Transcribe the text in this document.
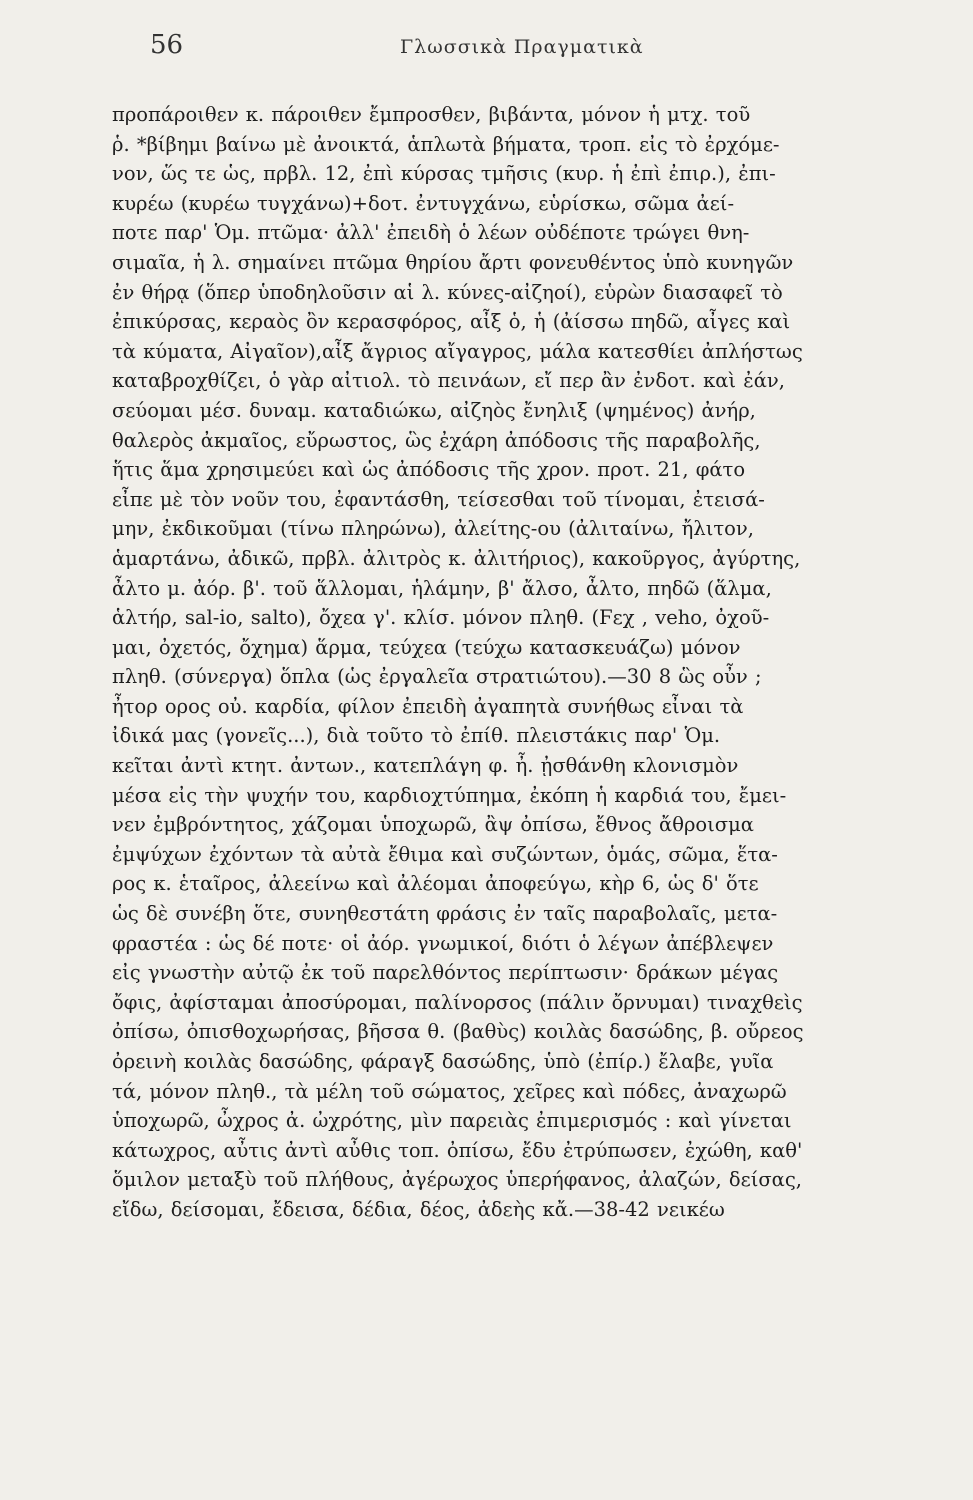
56	Γλωσσικὰ Πραγματικὰ
προπάροιθεν κ. πάροιθεν ἔμπροσθεν, βιβάντα, μόνον ἡ μτχ. τοῦ
ῥ. *βίβημι βαίνω μὲ ἀνοικτά, ἁπλωτὰ βήματα, τροπ. εἰς τὸ ἐρχόμε-
νον, ὥς τε ὡς, πρβλ. 12, ἐπὶ κύρσας τμῆσις (κυρ. ἡ ἐπὶ ἐπιρ.), ἐπι-
κυρέω (κυρέω τυγχάνω)+δοτ. ἐντυγχάνω, εὑρίσκω, σῶμα ἀεί-
ποτε παρ' Ὁμ. πτῶμα· ἀλλ' ἐπειδὴ ὁ λέων οὐδέποτε τρώγει θνη-
σιμαῖα, ἡ λ. σημαίνει πτῶμα θηρίου ἄρτι φονευθέντος ὑπὸ κυνηγῶν
ἐν θήρᾳ (ὅπερ ὑποδηλοῦσιν αἱ λ. κύνες-αἰζηοί), εὑρὼν διασαφεῖ τὸ
ἐπικύρσας, κεραὸς ὂν κερασφόρος, αἶξ ὁ, ἡ (ἀίσσω πηδῶ, αἶγες καὶ
τὰ κύματα, Αἰγαῖον),αἶξ ἄγριος αἴγαγρος, μάλα κατεσθίει ἀπλήστως
καταβροχθίζει, ὁ γὰρ αἰτιολ. τὸ πεινάων, εἴ περ ἂν ἐνδοτ. καὶ ἐάν,
σεύομαι μέσ. δυναμ. καταδιώκω, αἰζηὸς ἔνηλιξ (ψημένος) ἀνήρ,
θαλερὸς ἀκμαῖος, εὔρωστος, ὣς ἐχάρη ἀπόδοσις τῆς παραβολῆς,
ἥτις ἅμα χρησιμεύει καὶ ὡς ἀπόδοσις τῆς χρον. προτ. 21, φάτο
εἶπε μὲ τὸν νοῦν του, ἐφαντάσθη, τείσεσθαι τοῦ τίνομαι, ἐτεισά-
μην, ἐκδικοῦμαι (τίνω πληρώνω), ἀλείτης-ου (ἀλιταίνω, ἤλιτον,
ἁμαρτάνω, ἀδικῶ, πρβλ. ἀλιτρὸς κ. ἀλιτήριος), κακοῦργος, ἀγύρτης,
ἆλτο μ. ἀόρ. β'. τοῦ ἅλλομαι, ἡλάμην, β' ἄλσο, ἆλτο, πηδῶ (ἅλμα,
ἁλτήρ, sal-io, salto), ὄχεα γ'. κλίσ. μόνον πληθ. (Ϝεχ , veho, ὀχοῦ-
μαι, ὀχετός, ὄχημα) ἅρμα, τεύχεα (τεύχω κατασκευάζω) μόνον
πληθ. (σύνεργα) ὅπλα (ὡς ἐργαλεῖα στρατιώτου).—30 8 ὣς οὖν ;
ἦτορ ορος οὐ. καρδία, φίλον ἐπειδὴ ἀγαπητὰ συνήθως εἶναι τὰ
ἰδικά μας (γονεῖς...), διὰ τοῦτο τὸ ἐπίθ. πλειστάκις παρ' Ὁμ.
κεῖται ἀντὶ κτητ. ἀντων., κατεπλάγη φ. ἦ. ᾐσθάνθη κλονισμὸν
μέσα εἰς τὴν ψυχήν του, καρδιοχτύπημα, ἐκόπη ἡ καρδιά του, ἔμει-
νεν ἐμβρόντητος, χάζομαι ὑποχωρῶ, ἂψ ὀπίσω, ἔθνος ἄθροισμα
ἐμψύχων ἐχόντων τὰ αὐτὰ ἔθιμα καὶ συζώντων, ὁμάς, σῶμα, ἕτα-
ρος κ. ἑταῖρος, ἀλεείνω καὶ ἀλέομαι ἀποφεύγω, κὴρ 6, ὡς δ' ὅτε
ὡς δὲ συνέβη ὅτε, συνηθεστάτη φράσις ἐν ταῖς παραβολαῖς, μετα-
φραστέα : ὡς δέ ποτε· οἱ ἀόρ. γνωμικοί, διότι ὁ λέγων ἀπέβλεψεν
εἰς γνωστὴν αὐτῷ ἐκ τοῦ παρελθόντος περίπτωσιν· δράκων μέγας
ὄφις, ἀφίσταμαι ἀποσύρομαι, παλίνορσος (πάλιν ὄρνυμαι) τιναχθεὶς
ὀπίσω, ὀπισθοχωρήσας, βῆσσα θ. (βαθὺς) κοιλὰς δασώδης, β. οὔρεος
ὀρεινὴ κοιλὰς δασώδης, φάραγξ δασώδης, ὑπὸ (ἐπίρ.) ἔλαβε, γυῖα
τά, μόνον πληθ., τὰ μέλη τοῦ σώματος, χεῖρες καὶ πόδες, ἀναχωρῶ
ὑποχωρῶ, ὦχρος ἀ. ὠχρότης, μὶν παρειὰς ἐπιμερισμός : καὶ γίνεται
κάτωχρος, αὖτις ἀντὶ αὖθις τοπ. ὀπίσω, ἔδυ ἐτρύπωσεν, ἐχώθη, καθ'
ὅμιλον μεταξὺ τοῦ πλήθους, ἀγέρωχος ὑπερήφανος, ἀλαζών, δείσας,
εἴδω, δείσομαι, ἔδεισα, δέδια, δέος, ἀδεὴς κἄ.—38-42 νεικέω
